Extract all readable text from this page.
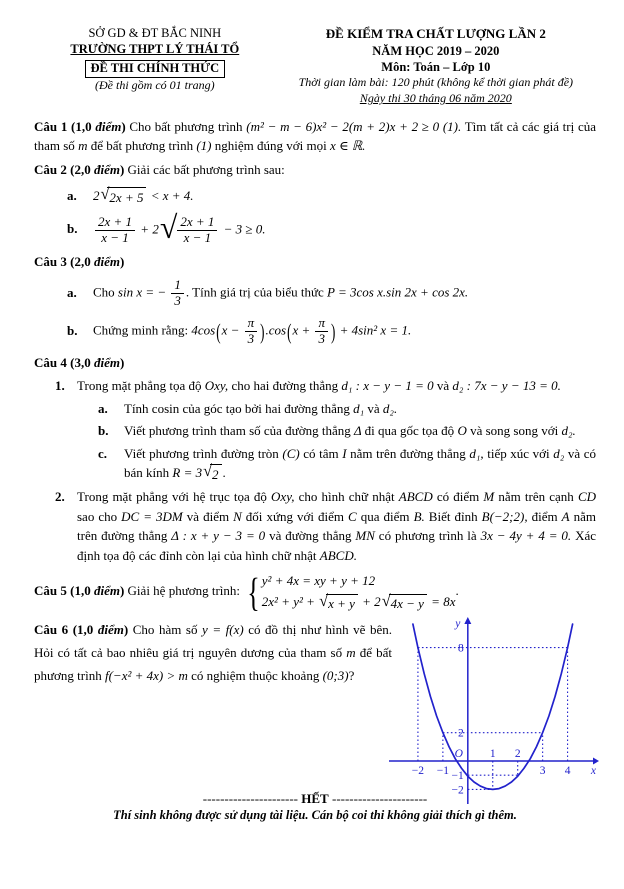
SỞ GD & ĐT BẮC NINH
TRƯỜNG THPT LÝ THÁI TỔ
ĐỀ THI CHÍNH THỨC
(Đề thi gồm có 01 trang)
ĐỀ KIỂM TRA CHẤT LƯỢNG LẦN 2
NĂM HỌC 2019 – 2020
Môn: Toán – Lớp 10
Thời gian làm bài: 120 phút (không kể thời gian phát đề)
Ngày thi 30 tháng 06 năm 2020

Câu 1 (1,0 điểm) Cho bất phương trình (m² − m − 6)x² − 2(m + 2)x + 2 ≥ 0 (1). Tìm tất cả các giá trị của tham số m để bất phương trình (1) nghiệm đúng với mọi x ∈ ℝ.

Câu 2 (2,0 điểm) Giải các bất phương trình sau:
a.	2 √ 2x + 5 < x + 4.
b.	$\frac{2x + 1}{x - 1} + 2$ √ $\frac{2x + 1}{x - 1} - 3 \ge 0$.
Câu 3 (2,0 điểm)
a.	Cho sin x = − $\frac{1}{3}$ . Tính giá trị của biểu thức P = 3cos x.sin 2x + cos 2x.
b.	Chứng minh rằng: $4\cos(x - \frac{\pi}{3} ).\cos(x + \frac{\pi}{3}$ ) + 4sin² x = 1.
Câu 4 (3,0 điểm)
1. Trong mặt phẳng tọa độ Oxy, cho hai đường thẳng d₁ : x − y − 1 = 0 và d₂ : 7x − y − 13 = 0.
a.	Tính cosin của góc tạo bởi hai đường thẳng d₁ và d₂.
b.	Viết phương trình tham số của đường thẳng Δ đi qua gốc tọa độ O và song song với d₂.
c.	Viết phương trình đường tròn (C) có tâm I nằm trên đường thẳng d₁, tiếp xúc với d₂ và có bán kính R = 3 √ 2 .
2. Trong mặt phẳng với hệ trục tọa độ Oxy, cho hình chữ nhật ABCD có điểm M nằm trên cạnh CD sao cho DC = 3DM và điểm N đối xứng với điểm C qua điểm B. Biết đỉnh B(−2;2), điểm A nằm trên đường thẳng Δ : x + y − 3 = 0 và đường thẳng MN có phương trình là 3x − 4y + 4 = 0. Xác định tọa độ các đỉnh còn lại của hình chữ nhật ABCD.
Câu 5 (1,0 điểm) Giải hệ phương trình: { y² + 4x = xy + y + 12
2x² + y² + √ x + y + 2 √ 4x − y = 8x
.
O
x
y
−2 −1
1 2
3 4
8
2
−1
−2
Câu 6 (1,0 điểm) Cho hàm số y = f(x) có đồ thị như hình vẽ bên. Hỏi có tất cả bao nhiêu giá trị nguyên dương của tham số m để bất phương trình f(−x² + 4x) > m có nghiệm thuộc khoảng (0;3)?
---------------------- HẾT ----------------------
Thí sinh không được sử dụng tài liệu. Cán bộ coi thi không giải thích gì thêm.
